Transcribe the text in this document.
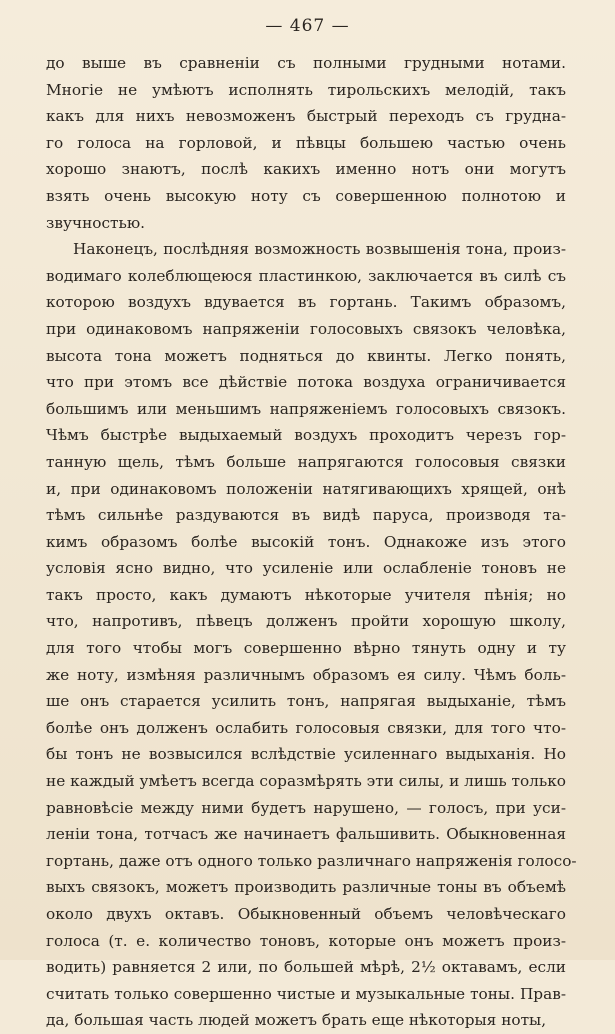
— 467 —
до выше въ сравненіи съ полными грудными нотами.
Многіе не умѣютъ исполнять тирольскихъ мелодій, такъ
какъ для нихъ невозможенъ быстрый переходъ съ грудна-
го голоса на горловой, и пѣвцы большею частью очень
хорошо знаютъ, послѣ какихъ именно нотъ они могутъ
взять очень высокую ноту съ совершенною полнотою и
звучностью.
Наконецъ, послѣдняя возможность возвышенія тона, произ-
водимаго колеблющеюся пластинкою, заключается въ силѣ съ
которою воздухъ вдувается въ гортань. Такимъ образомъ,
при одинаковомъ напряженіи голосовыхъ связокъ человѣка,
высота тона можетъ подняться до квинты. Легко понять,
что при этомъ все дѣйствіе потока воздуха ограничивается
большимъ или меньшимъ напряженіемъ голосовыхъ связокъ.
Чѣмъ быстрѣе выдыхаемый воздухъ проходитъ черезъ гор-
танную щель, тѣмъ больше напрягаются голосовыя связки
и, при одинаковомъ положеніи натягивающихъ хрящей, онѣ
тѣмъ сильнѣе раздуваются въ видѣ паруса, производя та-
кимъ образомъ болѣе высокій тонъ. Однакоже изъ этого
условія ясно видно, что усиленіе или ослабленіе тоновъ не
такъ просто, какъ думаютъ нѣкоторые учителя пѣнія; но
что, напротивъ, пѣвецъ долженъ пройти хорошую школу,
для того чтобы могъ совершенно вѣрно тянуть одну и ту
же ноту, измѣняя различнымъ образомъ ея силу. Чѣмъ боль-
ше онъ старается усилить тонъ, напрягая выдыханіе, тѣмъ
болѣе онъ долженъ ослабить голосовыя связки, для того что-
бы тонъ не возвысился вслѣдствіе усиленнаго выдыханія. Но
не каждый умѣетъ всегда соразмѣрять эти силы, и лишь только
равновѣсіе между ними будетъ нарушено, — голосъ, при уси-
леніи тона, тотчасъ же начинаетъ фальшивить. Обыкновенная
гортань, даже отъ одного только различнаго напряженія голосо-
выхъ связокъ, можетъ производить различные тоны въ объемѣ
около двухъ октавъ. Обыкновенный объемъ человѣческаго
голоса (т. е. количество тоновъ, которые онъ можетъ произ-
водить) равняется 2 или, по большей мѣрѣ, 2½ октавамъ, если
считать только совершенно чистые и музыкальные тоны. Прав-
да, большая часть людей можетъ брать еще нѣкоторыя ноты,
